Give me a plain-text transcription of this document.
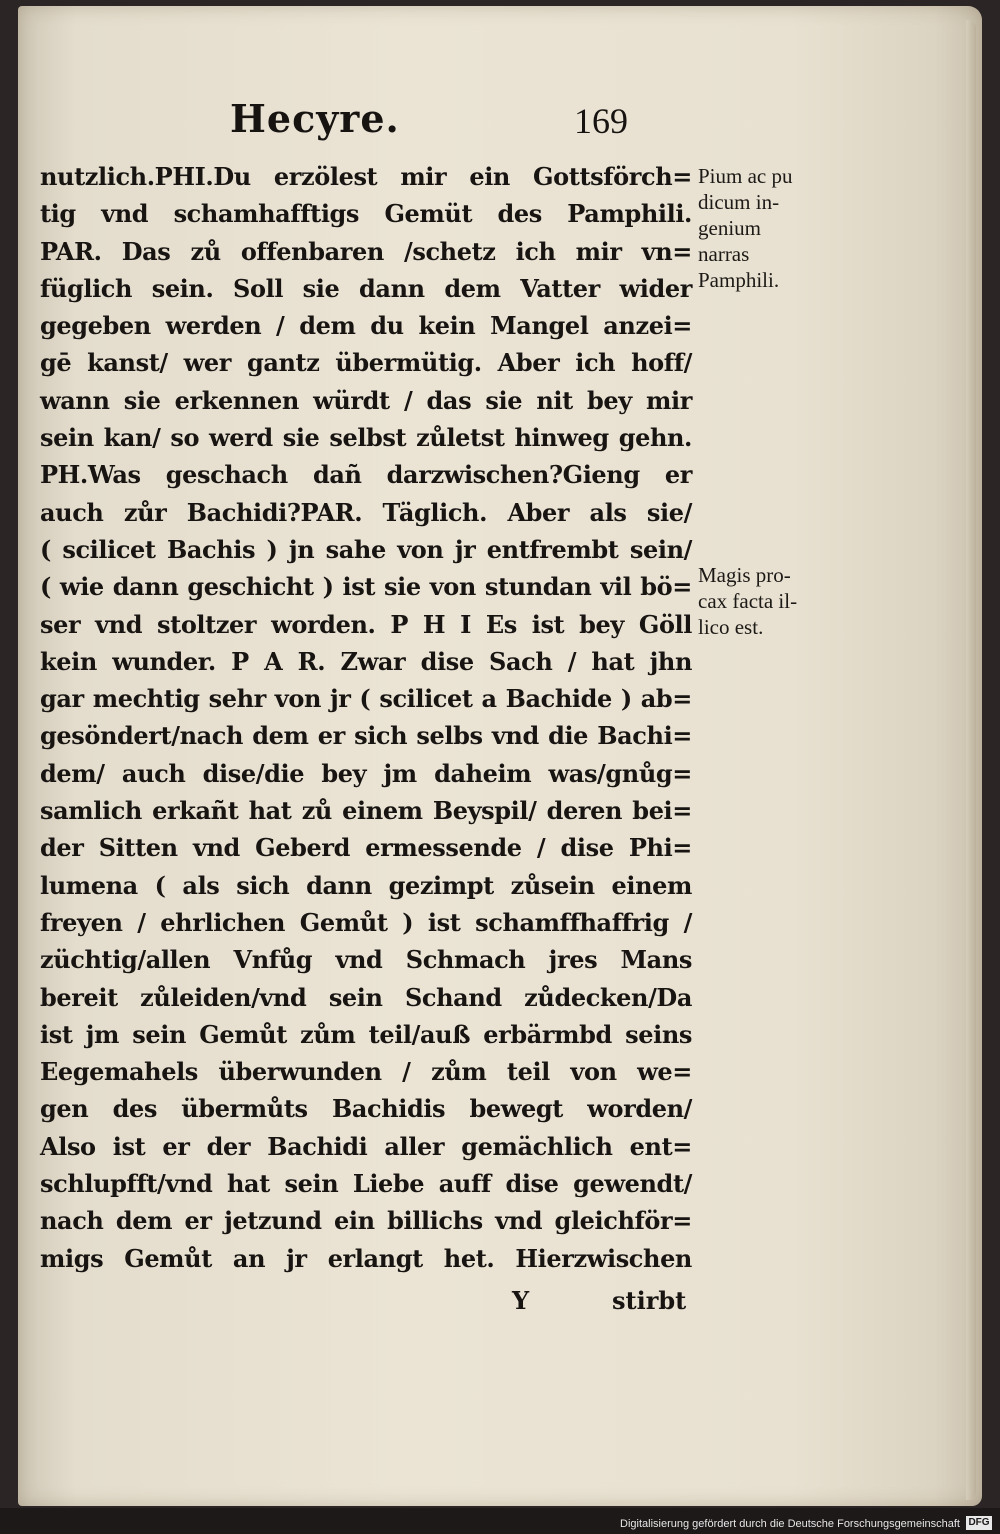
Hecyre.	169
nutzlich.PHI.Du erzölest mir ein Gottsförch=
tig vnd schamhafftigs Gemüt des Pamphili.
PAR. Das zů offenbaren /schetz ich mir vn=
füglich sein. Soll sie dann dem Vatter wider
gegeben werden / dem du kein Mangel anzei=
gē kanst/ wer gantz übermütig. Aber ich hoff/
wann sie erkennen würdt / das sie nit bey mir
sein kan/ so werd sie selbst zůletst hinweg gehn.
PH.Was geschach dañ darzwischen?Gieng er
auch zůr Bachidi?PAR. Täglich. Aber als sie/
( scilicet Bachis ) jn sahe von jr entfrembt sein/
( wie dann geschicht ) ist sie von stundan vil bö=
ser vnd stoltzer worden. P H I Es ist bey Göll
kein wunder. P A R. Zwar dise Sach / hat jhn
gar mechtig sehr von jr ( scilicet a Bachide ) ab=
gesöndert/nach dem er sich selbs vnd die Bachi=
dem/ auch dise/die bey jm daheim was/gnůg=
samlich erkañt hat zů einem Beyspil/ deren bei=
der Sitten vnd Geberd ermessende / dise Phi=
lumena ( als sich dann gezimpt zůsein einem
freyen / ehrlichen Gemůt ) ist schamffhaffrig /
züchtig/allen Vnfůg vnd Schmach jres Mans
bereit zůleiden/vnd sein Schand zůdecken/Da
ist jm sein Gemůt zům teil/auß erbärmbd seins
Eegemahels überwunden / zům teil von we=
gen des übermůts Bachidis bewegt worden/
Also ist er der Bachidi aller gemächlich ent=
schlupfft/vnd hat sein Liebe auff dise gewendt/
nach dem er jetzund ein billichs vnd gleichför=
migs Gemůt an jr erlangt het. Hierzwischen
Y	stirbt
Pium ac pu
dicum in-
genium
narras
Pamphili.
Magis pro-
cax facta il-
lico est.
Digitalisierung gefördert durch die Deutsche Forschungsgemeinschaft DFG
